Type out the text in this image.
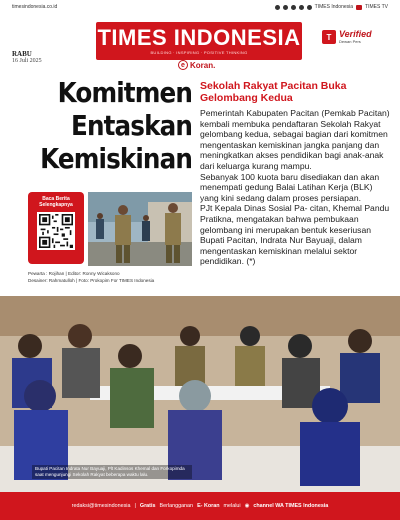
timesindonesia.co.id	TIMES Indonesia TIMES TV
RABU
16 Juli 2025
TIMES INDONESIA
BUILDING · INSPIRING · POSITIVE THINKING
T Verified
Dewan Pers
e Koran.
Komitmen
Entaskan
Kemiskinan
Sekolah Rakyat Pacitan Buka Gelombang Kedua

Pemerintah Kabupaten Pacitan (Pemkab Pacitan) kembali membuka pendaftaran Sekolah Rakyat gelombang kedua, sebagai bagian dari komitmen mengentaskan kemiskinan jangka panjang dan meningkatkan akses pendidikan bagi anak-anak dari keluarga kurang mampu.

Sebanyak 100 kuota baru disediakan dan akan menempati gedung Balai Latihan Kerja (BLK) yang kini sedang dalam proses persiapan.

PJt Kepala Dinas Sosial Pa- citan, Khemal Pandu Pratikna, mengatakan bahwa pembukaan gelombang ini merupakan bentuk keseriusan Bupati Pacitan, Indrata Nur Bayuaji, dalam mengentaskan kemiskinan melalui sektor pendidikan. (*)

Baca Berita Selengkapnya
Pewarta : Rojihan | Editor: Ronny Wicaksono
Desainer: Rahmatulloh | Foto: Prokopim For TIMES Indonesia
Bupati Pacitan Indrata Nur Bayuaji, Plt Kadinsos Khemal dan Forkopimda saat mengunjungi Sekolah Rakyat beberapa waktu lalu.
redaksi@timesindonesia | Gratis Berlangganan E- Koran melalui ◉ channel WA TIMES Indonesia
